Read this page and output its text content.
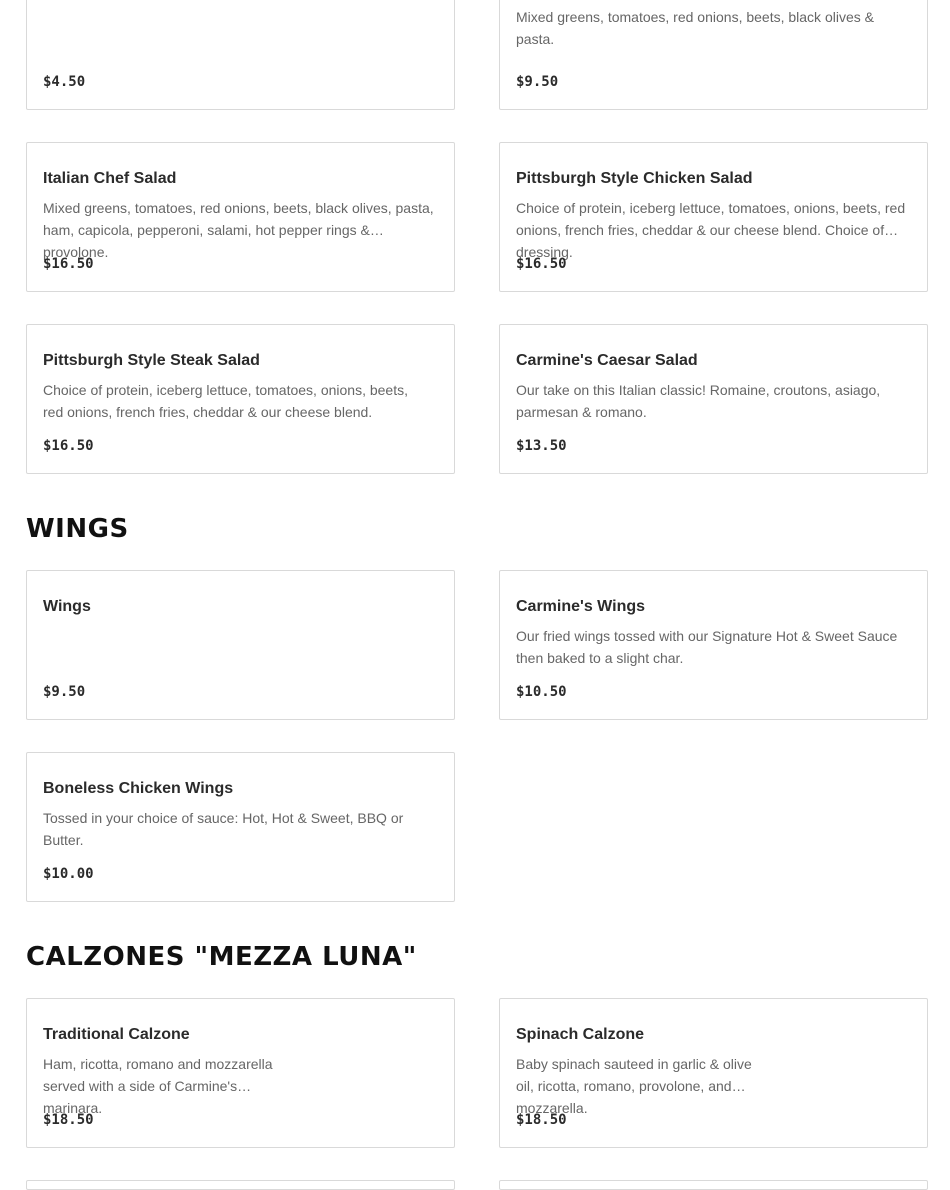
$4.50
Mixed greens, tomatoes, red onions, beets, black olives & pasta.
$9.50
Italian Chef Salad
Mixed greens, tomatoes, red onions, beets, black olives, pasta, ham, capicola, pepperoni, salami, hot pepper rings & provolone.
$16.50
Pittsburgh Style Chicken Salad
Choice of protein, iceberg lettuce, tomatoes, onions, beets, red onions, french fries, cheddar & our cheese blend. Choice of dressing.
$16.50
Pittsburgh Style Steak Salad
Choice of protein, iceberg lettuce, tomatoes, onions, beets, red onions, french fries, cheddar & our cheese blend.
$16.50
Carmine's Caesar Salad
Our take on this Italian classic! Romaine, croutons, asiago, parmesan & romano.
$13.50
WINGS
Wings
$9.50
Carmine's Wings
Our fried wings tossed with our Signature Hot & Sweet Sauce then baked to a slight char.
$10.50
Boneless Chicken Wings
Tossed in your choice of sauce: Hot, Hot & Sweet, BBQ or Butter.
$10.00
CALZONES "MEZZA LUNA"
Traditional Calzone
Ham, ricotta, romano and mozzarella served with a side of Carmine's marinara.
$18.50
Spinach Calzone
Baby spinach sauteed in garlic & olive oil, ricotta, romano, provolone, and mozzarella.
$18.50
